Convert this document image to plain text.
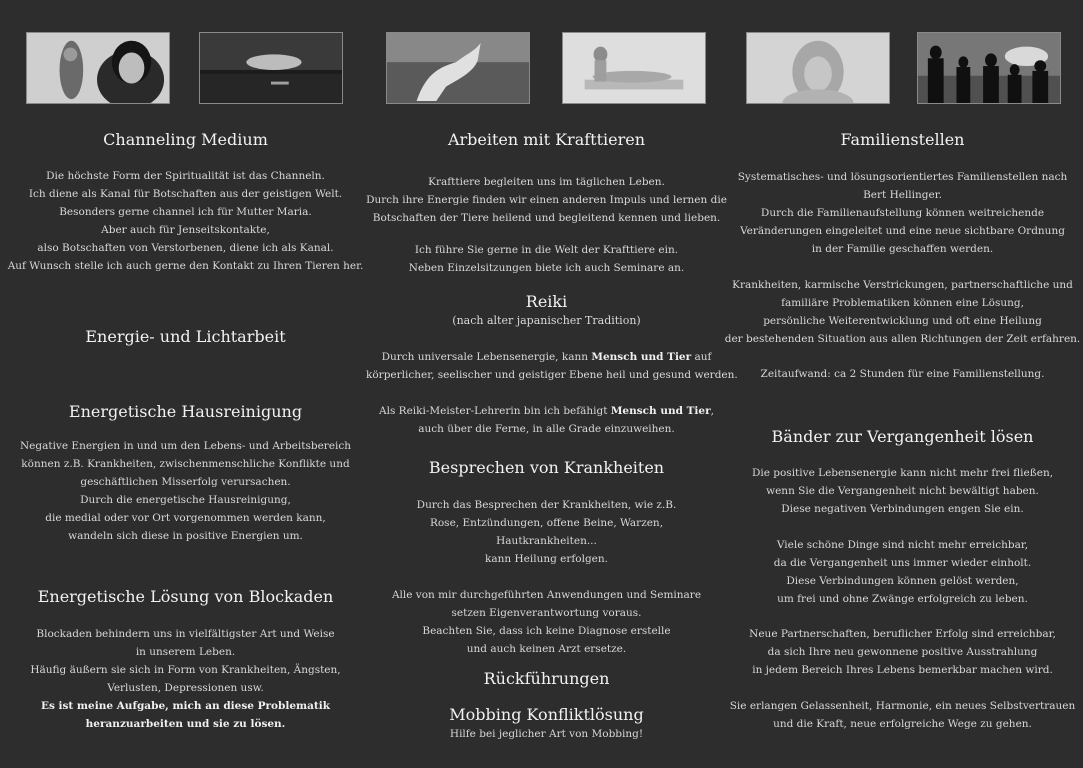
Channeling Medium
Die höchste Form der Spiritualität ist das Channeln.
Ich diene als Kanal für Botschaften aus der geistigen Welt.
Besonders gerne channel ich für Mutter Maria.
Aber auch für Jenseitskontakte,
also Botschaften von Verstorbenen, diene ich als Kanal.
Auf Wunsch stelle ich auch gerne den Kontakt zu Ihren Tieren her.
Energie- und Lichtarbeit
Energetische Hausreinigung
Negative Energien in und um den Lebens- und Arbeitsbereich
können z.B. Krankheiten, zwischenmenschliche Konflikte und
geschäftlichen Misserfolg verursachen.
Durch die energetische Hausreinigung,
die medial oder vor Ort vorgenommen werden kann,
wandeln sich diese in positive Energien um.
Energetische Lösung von Blockaden
Blockaden behindern uns in vielfältigster Art und Weise
in unserem Leben.
Häufig äußern sie sich in Form von Krankheiten, Ängsten,
Verlusten, Depressionen usw.
Es ist meine Aufgabe, mich an diese Problematik
heranzuarbeiten und sie zu lösen.
Arbeiten mit Krafttieren
Krafttiere begleiten uns im täglichen Leben.
Durch ihre Energie finden wir einen anderen Impuls und lernen die
Botschaften der Tiere heilend und begleitend kennen und lieben.
Ich führe Sie gerne in die Welt der Krafttiere ein.
Neben Einzelsitzungen biete ich auch Seminare an.
Reiki
(nach alter japanischer Tradition)
Durch universale Lebensenergie, kann Mensch und Tier auf
körperlicher, seelischer und geistiger Ebene heil und gesund werden.
Als Reiki-Meister-Lehrerin bin ich befähigt Mensch und Tier,
auch über die Ferne, in alle Grade einzuweihen.
Besprechen von Krankheiten
Durch das Besprechen der Krankheiten, wie z.B.
Rose, Entzündungen, offene Beine, Warzen,
Hautkrankheiten...
kann Heilung erfolgen.
Alle von mir durchgeführten Anwendungen und Seminare
setzen Eigenverantwortung voraus.
Beachten Sie, dass ich keine Diagnose erstelle
und auch keinen Arzt ersetze.
Rückführungen
Mobbing Konfliktlösung
Hilfe bei jeglicher Art von Mobbing!
Familienstellen
Systematisches- und lösungsorientiertes Familienstellen nach
Bert Hellinger.
Durch die Familienaufstellung können weitreichende
Veränderungen eingeleitet und eine neue sichtbare Ordnung
in der Familie geschaffen werden.
Krankheiten, karmische Verstrickungen, partnerschaftliche und
familiäre Problematiken können eine Lösung,
persönliche Weiterentwicklung und oft eine Heilung
der bestehenden Situation aus allen Richtungen der Zeit erfahren.
Zeitaufwand: ca 2 Stunden für eine Familienstellung.
Bänder zur Vergangenheit lösen
Die positive Lebensenergie kann nicht mehr frei fließen,
wenn Sie die Vergangenheit nicht bewältigt haben.
Diese negativen Verbindungen engen Sie ein.
Viele schöne Dinge sind nicht mehr erreichbar,
da die Vergangenheit uns immer wieder einholt.
Diese Verbindungen können gelöst werden,
um frei und ohne Zwänge erfolgreich zu leben.
Neue Partnerschaften, beruflicher Erfolg sind erreichbar,
da sich Ihre neu gewonnene positive Ausstrahlung
in jedem Bereich Ihres Lebens bemerkbar machen wird.
Sie erlangen Gelassenheit, Harmonie, ein neues Selbstvertrauen
und die Kraft, neue erfolgreiche Wege zu gehen.
